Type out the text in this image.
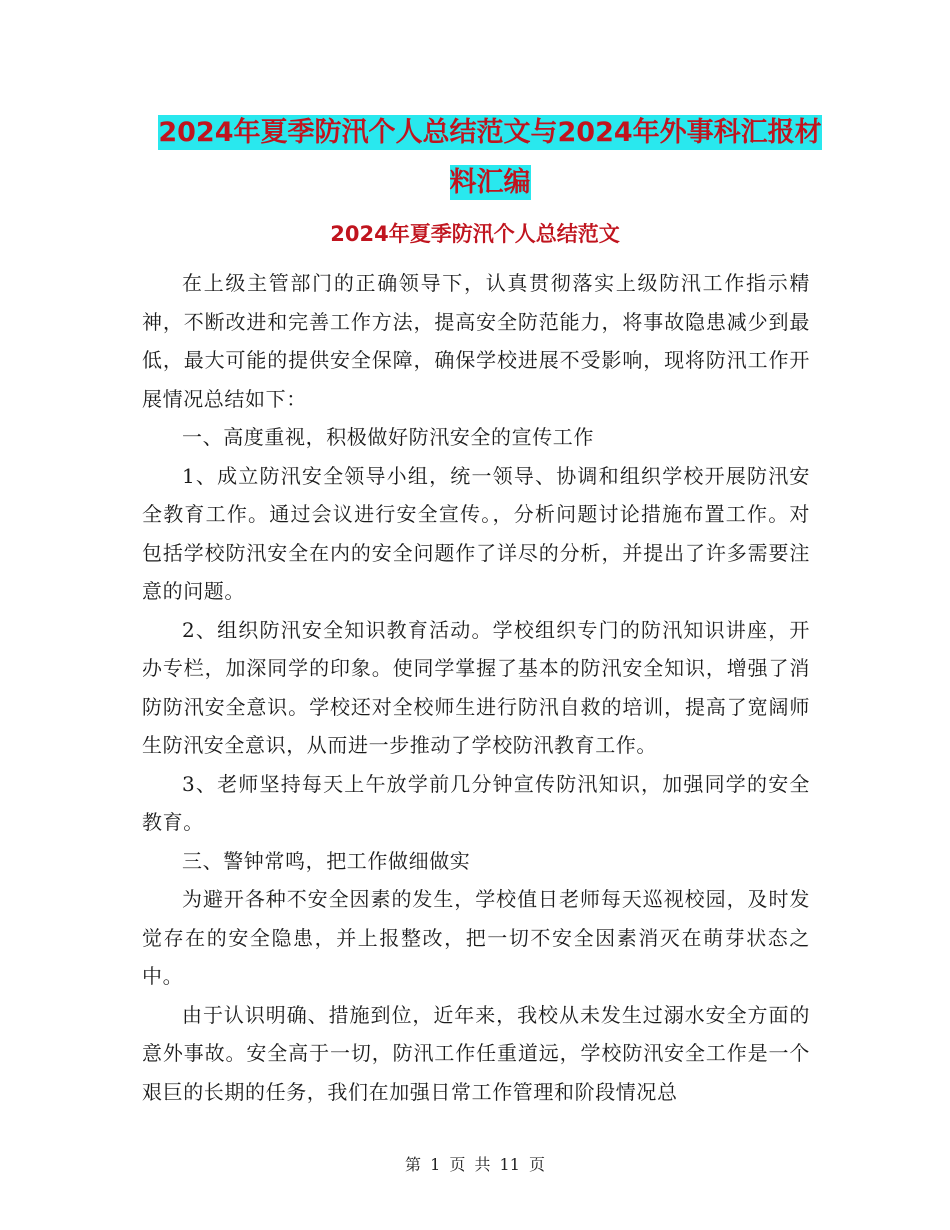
2024年夏季防汛个人总结范文与2024年外事科汇报材
料汇编
2024年夏季防汛个人总结范文

在上级主管部门的正确领导下，认真贯彻落实上级防汛工作指示精神，不断改进和完善工作方法，提高安全防范能力，将事故隐患减少到最低，最大可能的提供安全保障，确保学校进展不受影响，现将防汛工作开展情况总结如下：

一、高度重视，积极做好防汛安全的宣传工作

1、成立防汛安全领导小组，统一领导、协调和组织学校开展防汛安全教育工作。通过会议进行安全宣传。，分析问题讨论措施布置工作。对包括学校防汛安全在内的安全问题作了详尽的分析，并提出了许多需要注意的问题。

2、组织防汛安全知识教育活动。学校组织专门的防汛知识讲座，开办专栏，加深同学的印象。使同学掌握了基本的防汛安全知识，增强了消防防汛安全意识。学校还对全校师生进行防汛自救的培训，提高了宽阔师生防汛安全意识，从而进一步推动了学校防汛教育工作。

3、老师坚持每天上午放学前几分钟宣传防汛知识，加强同学的安全教育。

三、警钟常鸣，把工作做细做实

为避开各种不安全因素的发生，学校值日老师每天巡视校园，及时发觉存在的安全隐患，并上报整改，把一切不安全因素消灭在萌芽状态之中。

由于认识明确、措施到位，近年来，我校从未发生过溺水安全方面的意外事故。安全高于一切，防汛工作任重道远，学校防汛安全工作是一个艰巨的长期的任务，我们在加强日常工作管理和阶段情况总

第 1 页 共 11 页
